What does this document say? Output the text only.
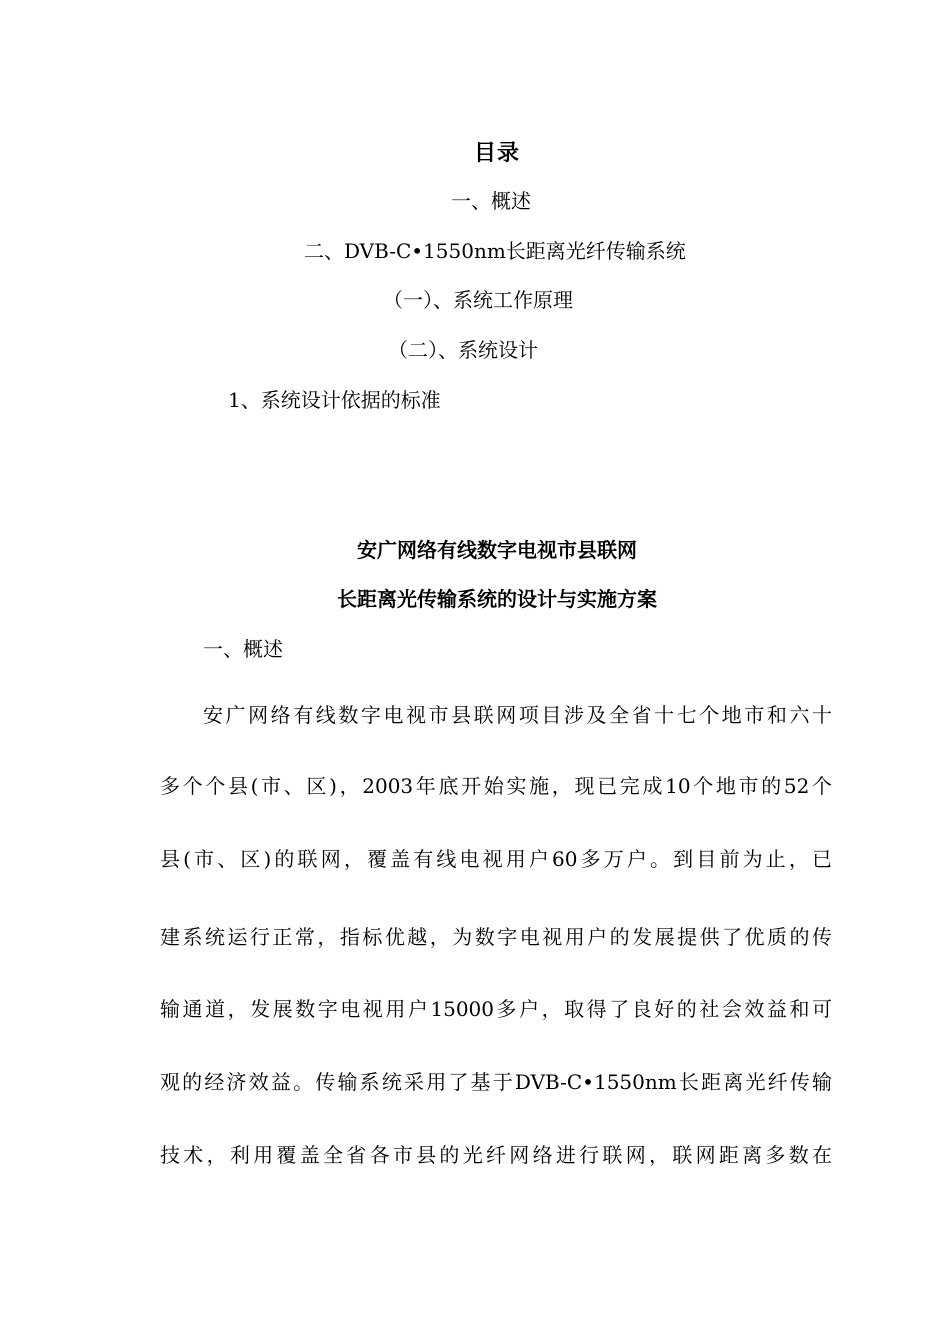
目录
一、概述
二、DVB-C•1550nm长距离光纤传输系统
（一）、系统工作原理
（二）、系统设计
1、系统设计依据的标准
安广网络有线数字电视市县联网
长距离光传输系统的设计与实施方案
一、概述
安广网络有线数字电视市县联网项目涉及全省十七个地市和六十
多个个县(市、区)，2003年底开始实施，现已完成10个地市的52个
县(市、区)的联网，覆盖有线电视用户60多万户。到目前为止，已
建系统运行正常，指标优越，为数字电视用户的发展提供了优质的传
输通道，发展数字电视用户15000多户，取得了良好的社会效益和可
观的经济效益。传输系统采用了基于DVB-C•1550nm长距离光纤传输
技术，利用覆盖全省各市县的光纤网络进行联网，联网距离多数在
